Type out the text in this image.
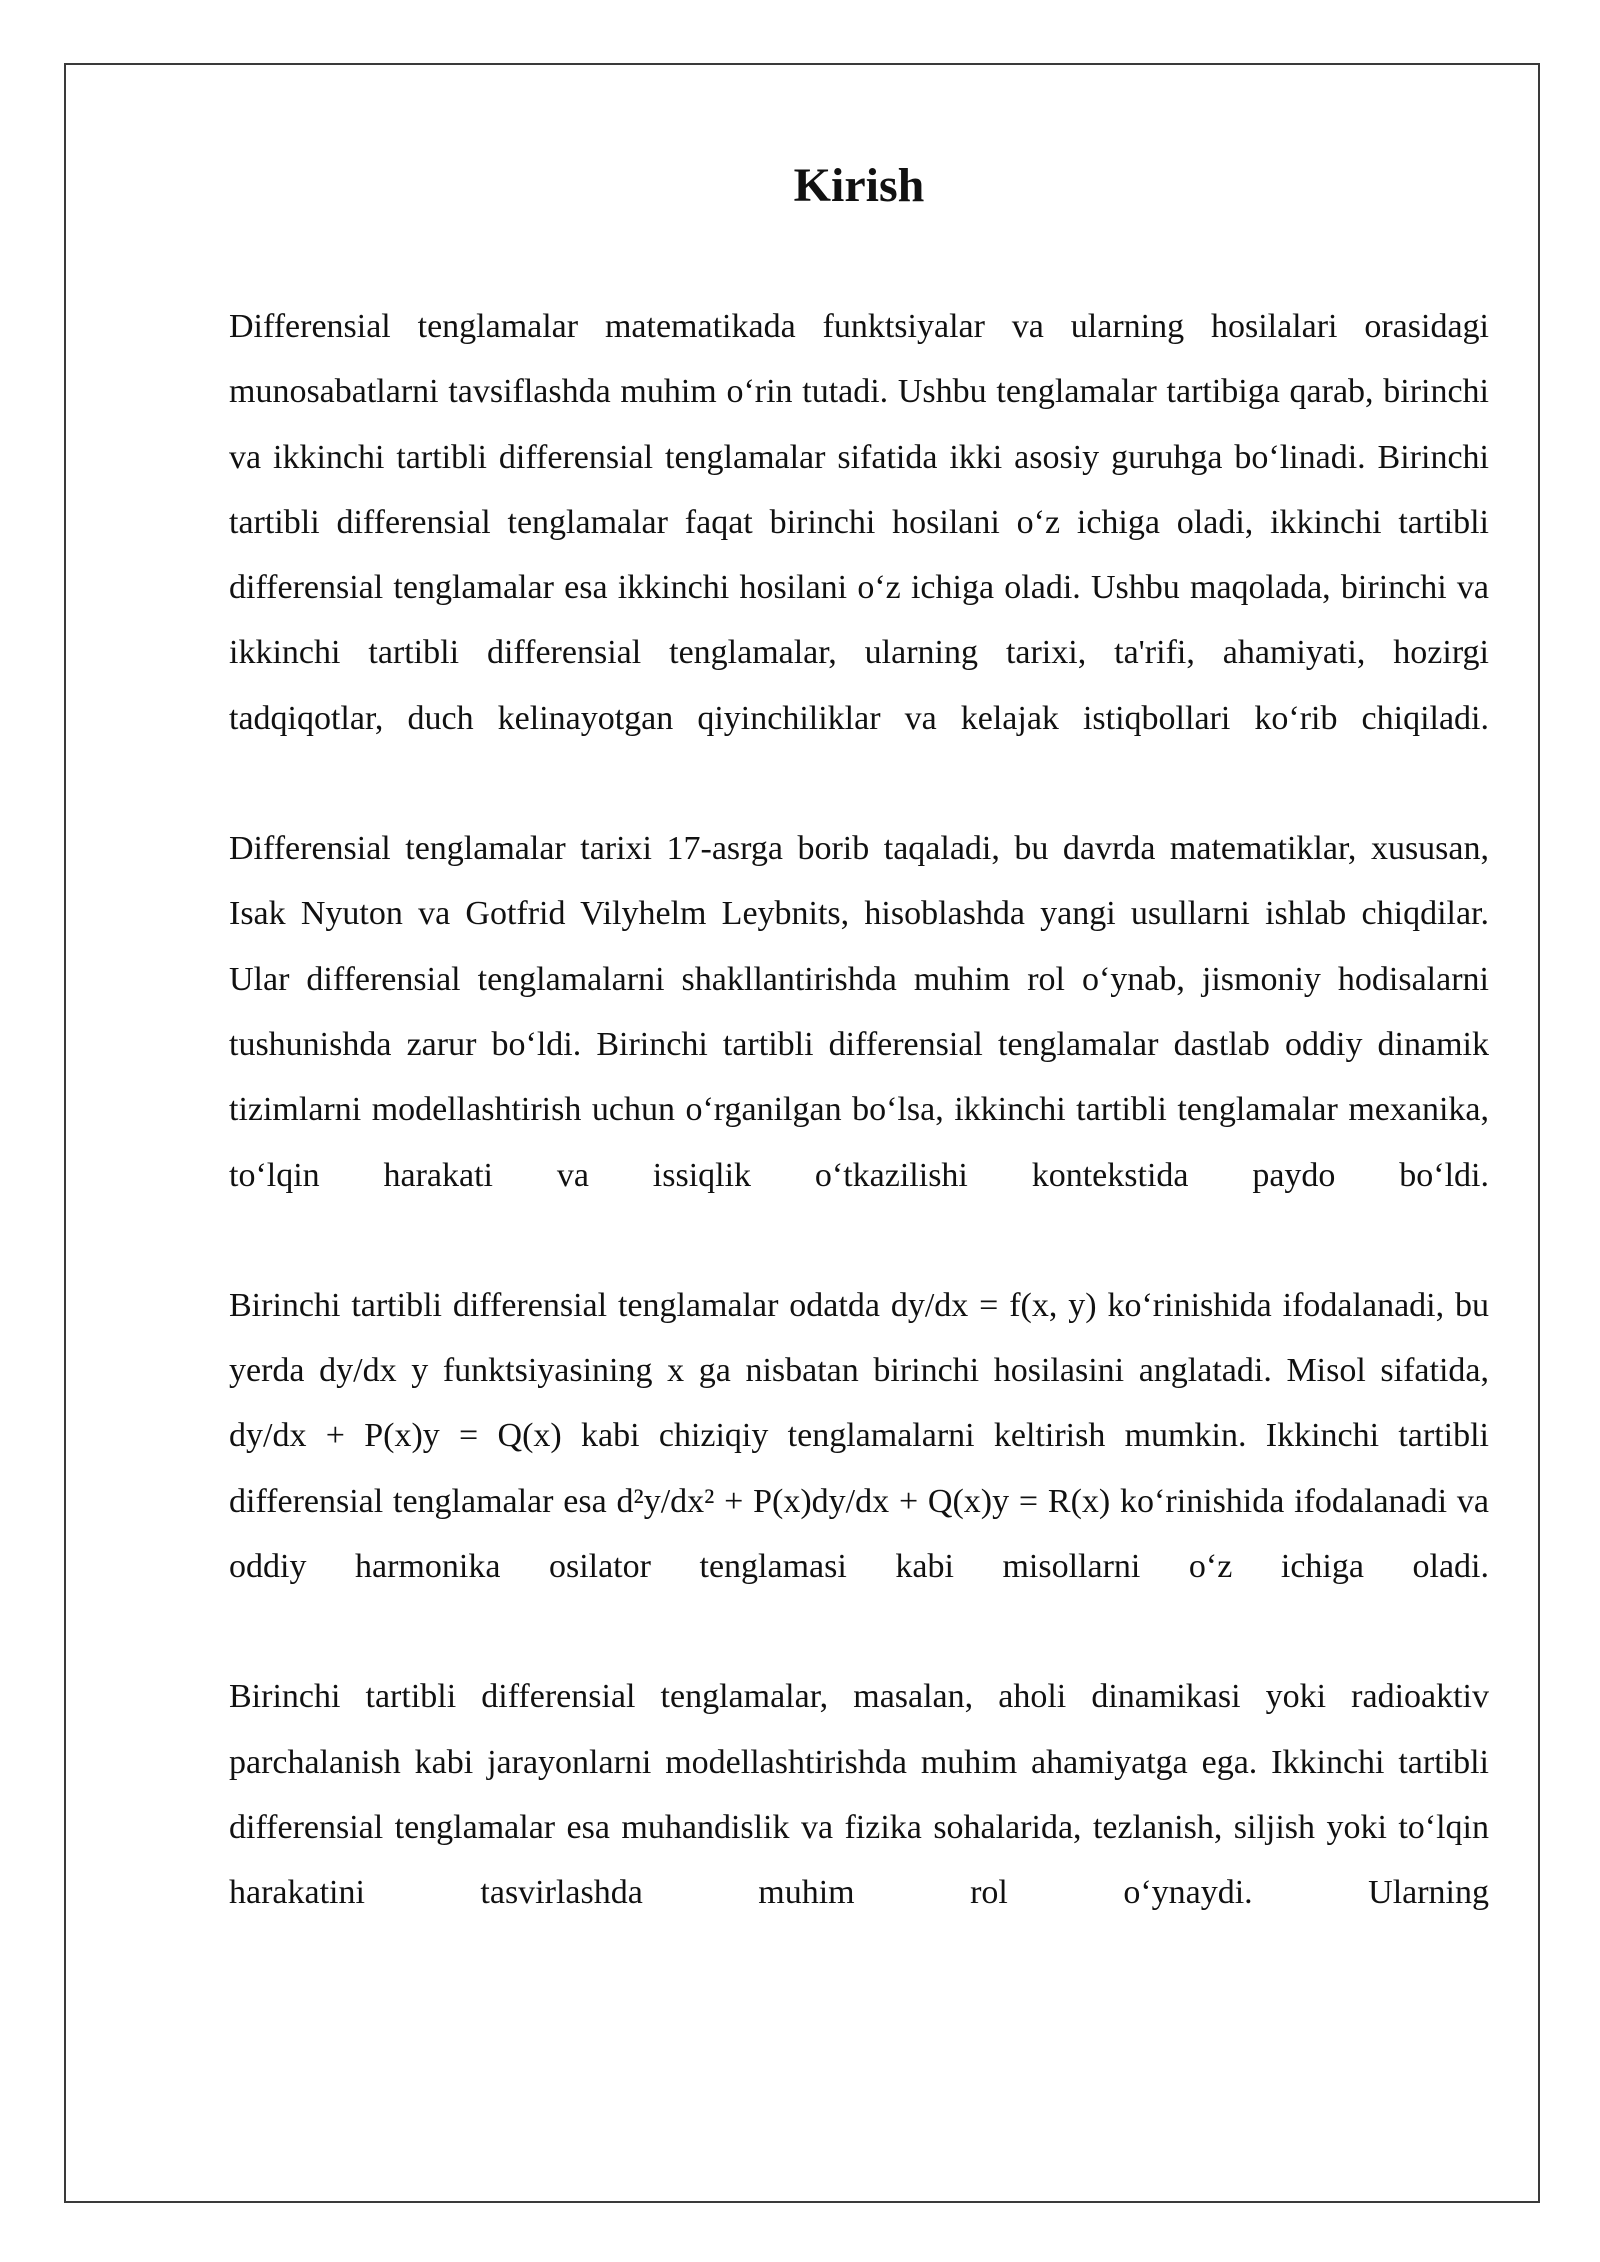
Kirish

Differensial tenglamalar matematikada funktsiyalar va ularning hosilalari orasidagi munosabatlarni tavsiflashda muhim o‘rin tutadi. Ushbu tenglamalar tartibiga qarab, birinchi va ikkinchi tartibli differensial tenglamalar sifatida ikki asosiy guruhga bo‘linadi. Birinchi tartibli differensial tenglamalar faqat birinchi hosilani o‘z ichiga oladi, ikkinchi tartibli differensial tenglamalar esa ikkinchi hosilani o‘z ichiga oladi. Ushbu maqolada, birinchi va ikkinchi tartibli differensial tenglamalar, ularning tarixi, ta'rifi, ahamiyati, hozirgi tadqiqotlar, duch kelinayotgan qiyinchiliklar va kelajak istiqbollari ko‘rib chiqiladi.

Differensial tenglamalar tarixi 17-asrga borib taqaladi, bu davrda matematiklar, xususan, Isak Nyuton va Gotfrid Vilyhelm Leybnits, hisoblashda yangi usullarni ishlab chiqdilar. Ular differensial tenglamalarni shakllantirishda muhim rol o‘ynab, jismoniy hodisalarni tushunishda zarur bo‘ldi. Birinchi tartibli differensial tenglamalar dastlab oddiy dinamik tizimlarni modellashtirish uchun o‘rganilgan bo‘lsa, ikkinchi tartibli tenglamalar mexanika, to‘lqin harakati va issiqlik o‘tkazilishi kontekstida paydo bo‘ldi.

Birinchi tartibli differensial tenglamalar odatda dy/dx = f(x, y) ko‘rinishida ifodalanadi, bu yerda dy/dx y funktsiyasining x ga nisbatan birinchi hosilasini anglatadi. Misol sifatida, dy/dx + P(x)y = Q(x) kabi chiziqiy tenglamalarni keltirish mumkin. Ikkinchi tartibli differensial tenglamalar esa d²y/dx² + P(x)dy/dx + Q(x)y = R(x) ko‘rinishida ifodalanadi va oddiy harmonika osilator tenglamasi kabi misollarni o‘z ichiga oladi.

Birinchi tartibli differensial tenglamalar, masalan, aholi dinamikasi yoki radioaktiv parchalanish kabi jarayonlarni modellashtirishda muhim ahamiyatga ega. Ikkinchi tartibli differensial tenglamalar esa muhandislik va fizika sohalarida, tezlanish, siljish yoki to‘lqin harakatini tasvirlashda muhim rol o‘ynaydi. Ularning
